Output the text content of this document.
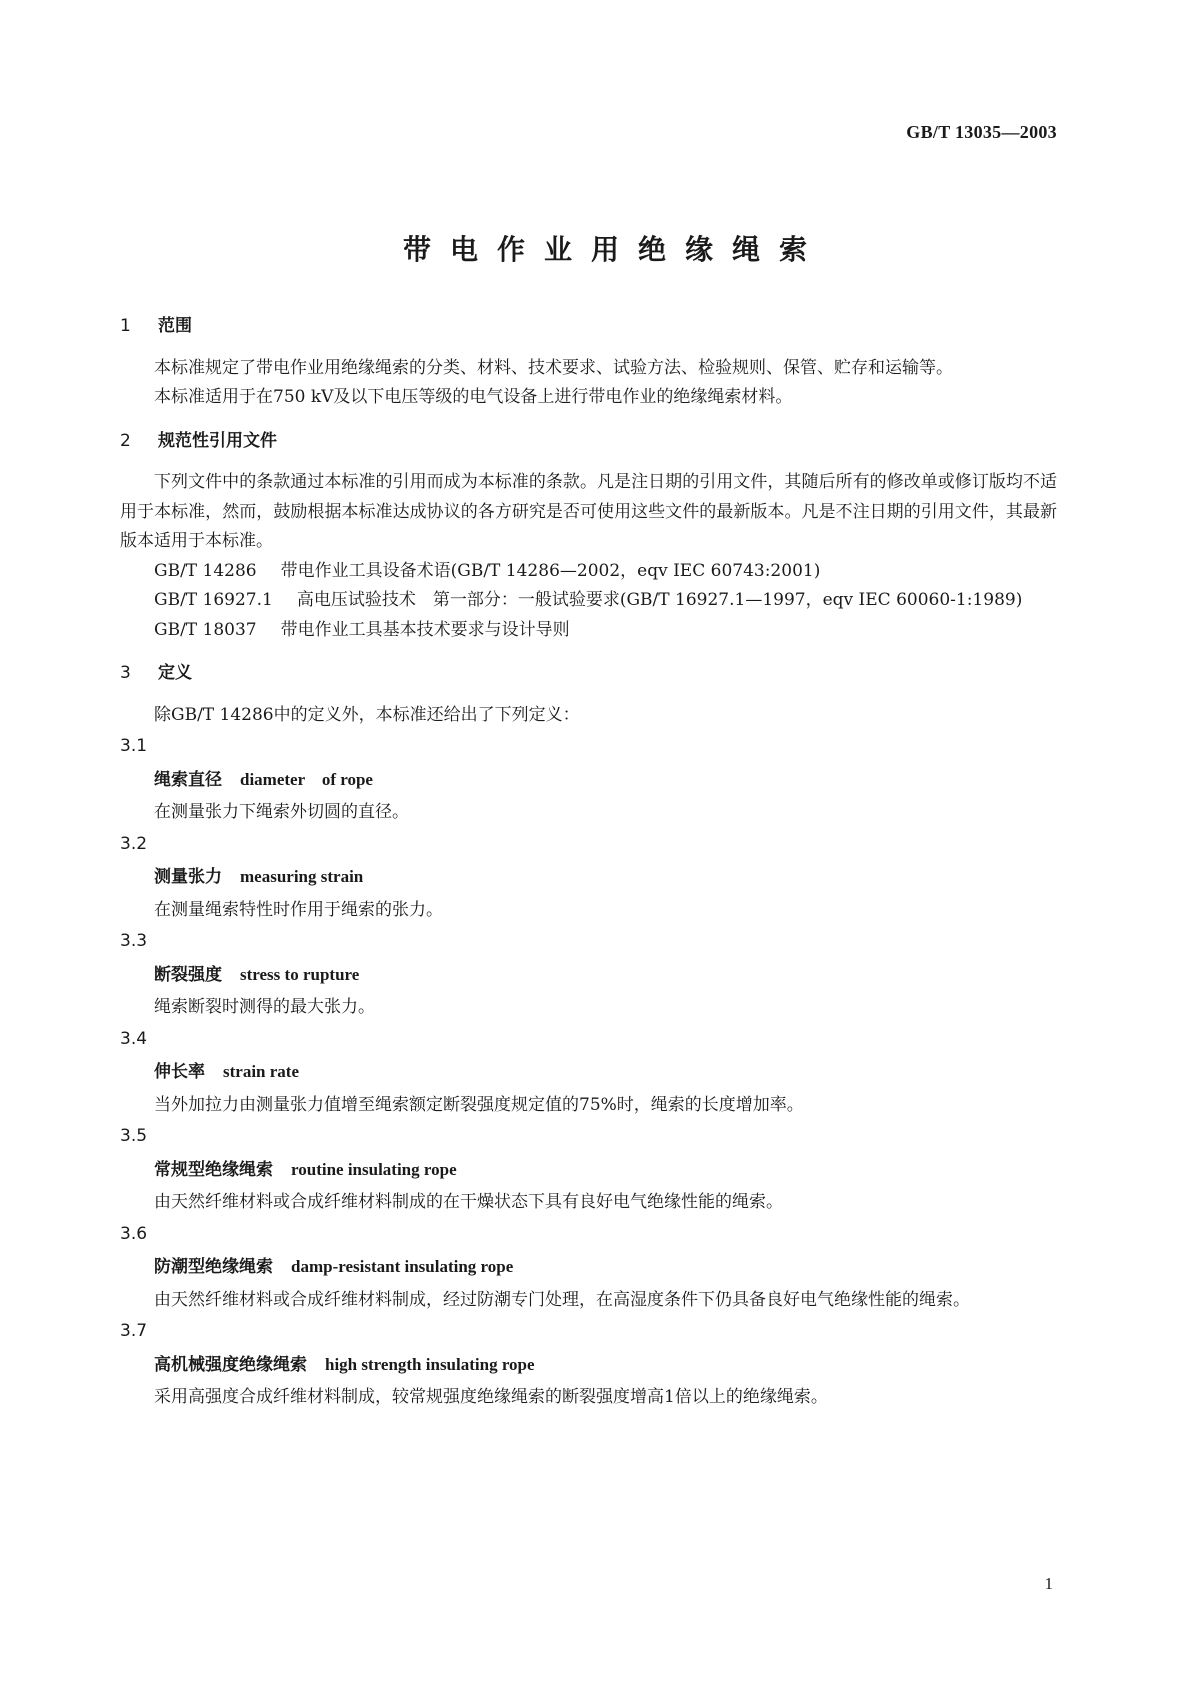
GB/T 13035—2003
带电作业用绝缘绳索
1 范围

本标准规定了带电作业用绝缘绳索的分类、材料、技术要求、试验方法、检验规则、保管、贮存和运输等。

本标准适用于在750 kV及以下电压等级的电气设备上进行带电作业的绝缘绳索材料。

2 规范性引用文件

下列文件中的条款通过本标准的引用而成为本标准的条款。凡是注日期的引用文件，其随后所有的修改单或修订版均不适用于本标准，然而，鼓励根据本标准达成协议的各方研究是否可使用这些文件的最新版本。凡是不注日期的引用文件，其最新版本适用于本标准。

GB/T 14286 带电作业工具设备术语(GB/T 14286—2002，eqv IEC 60743:2001)

GB/T 16927.1 高电压试验技术　第一部分：一般试验要求(GB/T 16927.1—1997，eqv IEC 60060-1:1989)

GB/T 18037 带电作业工具基本技术要求与设计导则

3 定义

除GB/T 14286中的定义外，本标准还给出了下列定义：

3.1
绳索直径 diameter　of rope

在测量张力下绳索外切圆的直径。

3.2
测量张力 measuring strain

在测量绳索特性时作用于绳索的张力。

3.3
断裂强度 stress to rupture

绳索断裂时测得的最大张力。

3.4
伸长率 strain rate

当外加拉力由测量张力值增至绳索额定断裂强度规定值的75%时，绳索的长度增加率。

3.5
常规型绝缘绳索 routine insulating rope

由天然纤维材料或合成纤维材料制成的在干燥状态下具有良好电气绝缘性能的绳索。

3.6
防潮型绝缘绳索 damp-resistant insulating rope

由天然纤维材料或合成纤维材料制成，经过防潮专门处理，在高湿度条件下仍具备良好电气绝缘性能的绳索。

3.7
高机械强度绝缘绳索 high strength insulating rope

采用高强度合成纤维材料制成，较常规强度绝缘绳索的断裂强度增高1倍以上的绝缘绳索。

1
